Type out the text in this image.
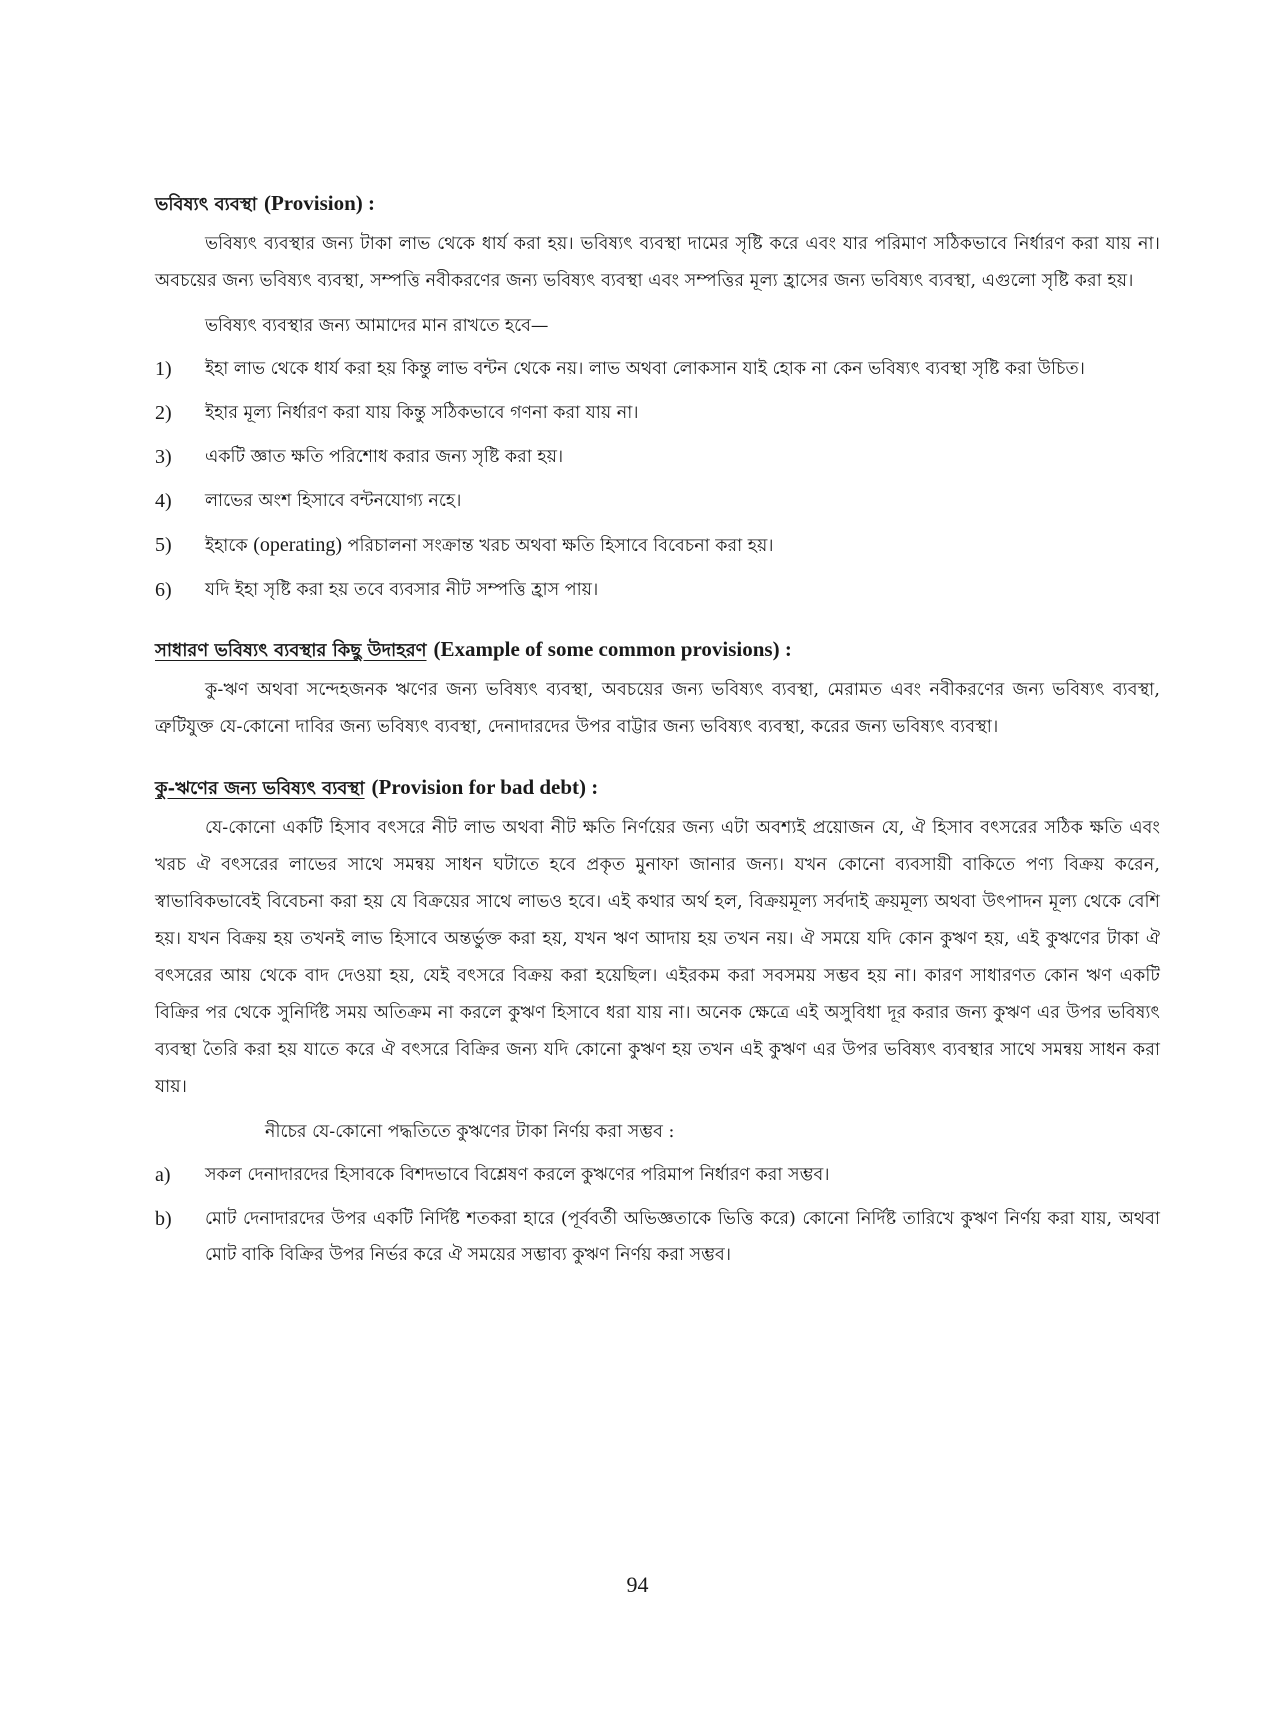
ভবিষ্যৎ ব্যবস্থা (Provision) :

ভবিষ্যৎ ব্যবস্থার জন্য টাকা লাভ থেকে ধার্য করা হয়। ভবিষ্যৎ ব্যবস্থা দামের সৃষ্টি করে এবং যার পরিমাণ সঠিকভাবে নির্ধারণ করা যায় না। অবচয়ের জন্য ভবিষ্যৎ ব্যবস্থা, সম্পত্তি নবীকরণের জন্য ভবিষ্যৎ ব্যবস্থা এবং সম্পত্তির মূল্য হ্রাসের জন্য ভবিষ্যৎ ব্যবস্থা, এগুলো সৃষ্টি করা হয়।

ভবিষ্যৎ ব্যবস্থার জন্য আমাদের মান রাখতে হবে—

1)	ইহা লাভ থেকে ধার্য করা হয় কিন্তু লাভ বন্টন থেকে নয়। লাভ অথবা লোকসান যাই হোক না কেন ভবিষ্যৎ ব্যবস্থা সৃষ্টি করা উচিত।
2)	ইহার মূল্য নির্ধারণ করা যায় কিন্তু সঠিকভাবে গণনা করা যায় না।
3)	একটি জ্ঞাত ক্ষতি পরিশোধ করার জন্য সৃষ্টি করা হয়।
4)	লাভের অংশ হিসাবে বন্টনযোগ্য নহে।
5)	ইহাকে (operating) পরিচালনা সংক্রান্ত খরচ অথবা ক্ষতি হিসাবে বিবেচনা করা হয়।
6)	যদি ইহা সৃষ্টি করা হয় তবে ব্যবসার নীট সম্পত্তি হ্রাস পায়।
সাধারণ ভবিষ্যৎ ব্যবস্থার কিছু উদাহরণ (Example of some common provisions) :

কু-ঋণ অথবা সন্দেহজনক ঋণের জন্য ভবিষ্যৎ ব্যবস্থা, অবচয়ের জন্য ভবিষ্যৎ ব্যবস্থা, মেরামত এবং নবীকরণের জন্য ভবিষ্যৎ ব্যবস্থা, ত্রুটিযুক্ত যে-কোনো দাবির জন্য ভবিষ্যৎ ব্যবস্থা, দেনাদারদের উপর বাট্টার জন্য ভবিষ্যৎ ব্যবস্থা, করের জন্য ভবিষ্যৎ ব্যবস্থা।

কু-ঋণের জন্য ভবিষ্যৎ ব্যবস্থা (Provision for bad debt) :

যে-কোনো একটি হিসাব বৎসরে নীট লাভ অথবা নীট ক্ষতি নির্ণয়ের জন্য এটা অবশ্যই প্রয়োজন যে, ঐ হিসাব বৎসরের সঠিক ক্ষতি এবং খরচ ঐ বৎসরের লাভের সাথে সমন্বয় সাধন ঘটাতে হবে প্রকৃত মুনাফা জানার জন্য। যখন কোনো ব্যবসায়ী বাকিতে পণ্য বিক্রয় করেন, স্বাভাবিকভাবেই বিবেচনা করা হয় যে বিক্রয়ের সাথে লাভও হবে। এই কথার অর্থ হল, বিক্রয়মূল্য সর্বদাই ক্রয়মূল্য অথবা উৎপাদন মূল্য থেকে বেশি হয়। যখন বিক্রয় হয় তখনই লাভ হিসাবে অন্তর্ভুক্ত করা হয়, যখন ঋণ আদায় হয় তখন নয়। ঐ সময়ে যদি কোন কুঋণ হয়, এই কুঋণের টাকা ঐ বৎসরের আয় থেকে বাদ দেওয়া হয়, যেই বৎসরে বিক্রয় করা হয়েছিল। এইরকম করা সবসময় সম্ভব হয় না। কারণ সাধারণত কোন ঋণ একটি বিক্রির পর থেকে সুনির্দিষ্ট সময় অতিক্রম না করলে কুঋণ হিসাবে ধরা যায় না। অনেক ক্ষেত্রে এই অসুবিধা দূর করার জন্য কুঋণ এর উপর ভবিষ্যৎ ব্যবস্থা তৈরি করা হয় যাতে করে ঐ বৎসরে বিক্রির জন্য যদি কোনো কুঋণ হয় তখন এই কুঋণ এর উপর ভবিষ্যৎ ব্যবস্থার সাথে সমন্বয় সাধন করা যায়।

নীচের যে-কোনো পদ্ধতিতে কুঋণের টাকা নির্ণয় করা সম্ভব :

a)	সকল দেনাদারদের হিসাবকে বিশদভাবে বিশ্লেষণ করলে কুঋণের পরিমাপ নির্ধারণ করা সম্ভব।
b)	মোট দেনাদারদের উপর একটি নির্দিষ্ট শতকরা হারে (পূর্ববর্তী অভিজ্ঞতাকে ভিত্তি করে) কোনো নির্দিষ্ট তারিখে কুঋণ নির্ণয় করা যায়, অথবা মোট বাকি বিক্রির উপর নির্ভর করে ঐ সময়ের সম্ভাব্য কুঋণ নির্ণয় করা সম্ভব।
94
